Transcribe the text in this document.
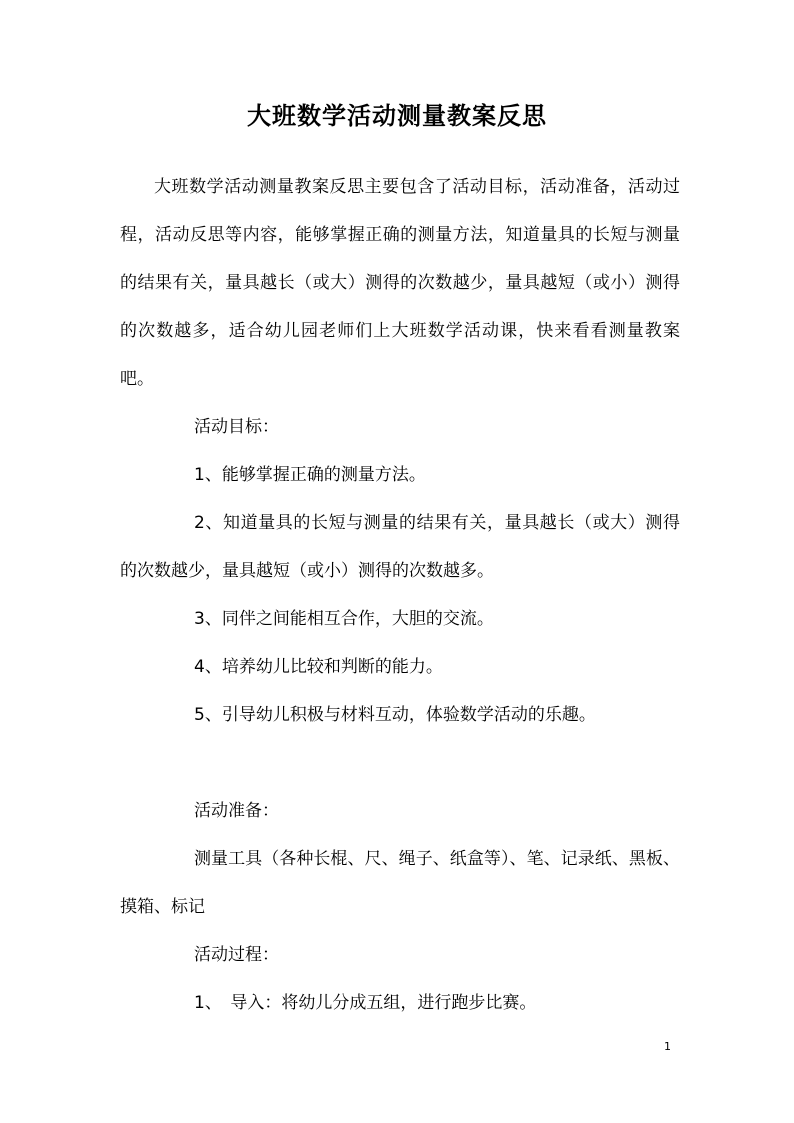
大班数学活动测量教案反思

大班数学活动测量教案反思主要包含了活动目标，活动准备，活动过程，活动反思等内容，能够掌握正确的测量方法，知道量具的长短与测量的结果有关，量具越长（或大）测得的次数越少，量具越短（或小）测得的次数越多，适合幼儿园老师们上大班数学活动课，快来看看测量教案吧。

活动目标：

1、能够掌握正确的测量方法。

2、知道量具的长短与测量的结果有关，量具越长（或大）测得的次数越少，量具越短（或小）测得的次数越多。

3、同伴之间能相互合作，大胆的交流。

4、培养幼儿比较和判断的能力。

5、引导幼儿积极与材料互动，体验数学活动的乐趣。

活动准备：

测量工具（各种长棍、尺、绳子、纸盒等）、笔、记录纸、黑板、摸箱、标记

活动过程：

1、　导入：将幼儿分成五组，进行跑步比赛。

1
